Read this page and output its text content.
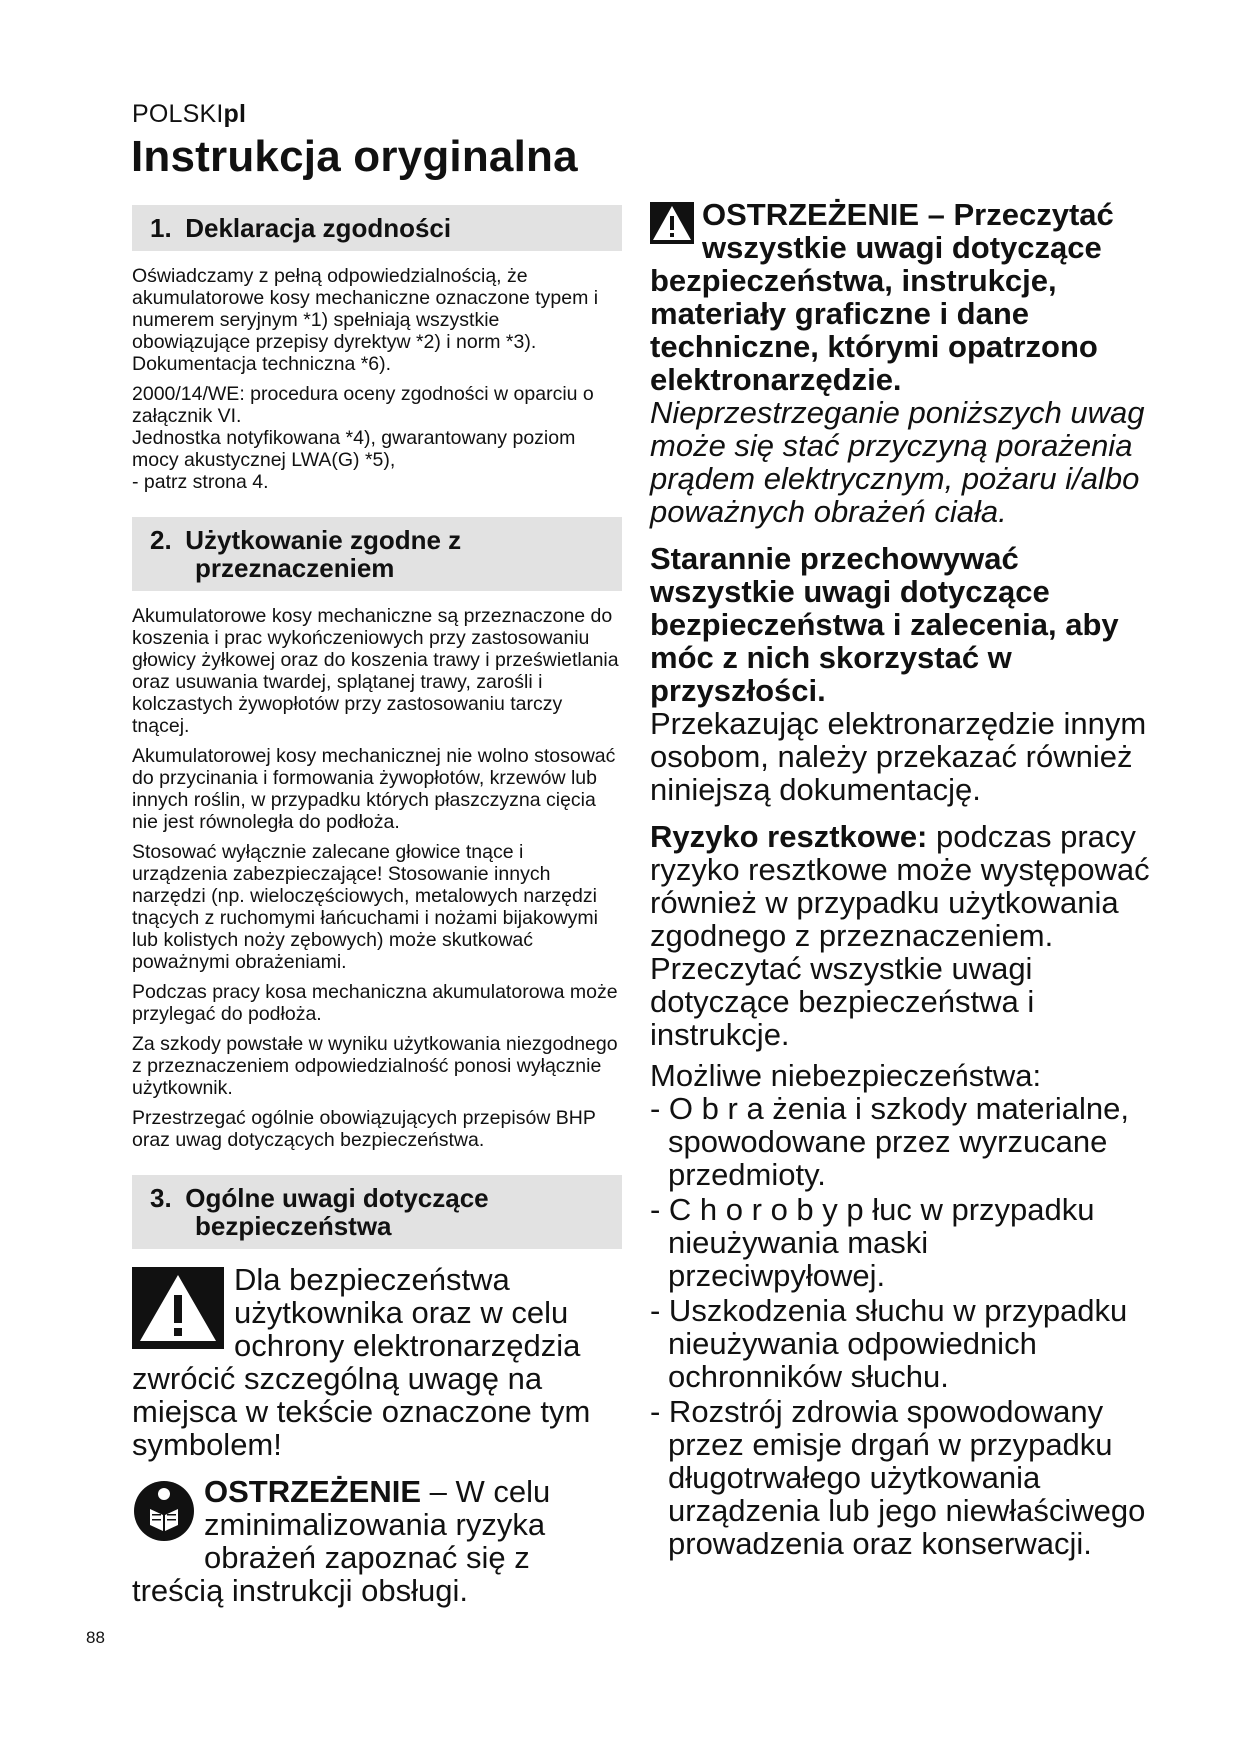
POLSKIpl
Instrukcja oryginalna
1. Deklaracja zgodności

Oświadczamy z pełną odpowiedzialnością, że akumulatorowe kosy mechaniczne oznaczone typem i numerem seryjnym *1) spełniają wszystkie obowiązujące przepisy dyrektyw *2) i norm *3). Dokumentacja techniczna *6).

2000/14/WE: procedura oceny zgodności w oparciu o załącznik VI.

Jednostka notyfikowana *4), gwarantowany poziom mocy akustycznej LWA(G) *5),

- patrz strona 4.

2. Użytkowanie zgodne z
przeznaczeniem

Akumulatorowe kosy mechaniczne są przeznaczone do koszenia i prac wykończeniowych przy zastosowaniu głowicy żyłkowej oraz do koszenia trawy i prześwietlania oraz usuwania twardej, splątanej trawy, zarośli i kolczastych żywopłotów przy zastosowaniu tarczy tnącej.

Akumulatorowej kosy mechanicznej nie wolno stosować do przycinania i formowania żywopłotów, krzewów lub innych roślin, w przypadku których płaszczyzna cięcia nie jest równoległa do podłoża.

Stosować wyłącznie zalecane głowice tnące i urządzenia zabezpieczające! Stosowanie innych narzędzi (np. wieloczęściowych, metalowych narzędzi tnących z ruchomymi łańcuchami i nożami bijakowymi lub kolistych noży zębowych) może skutkować poważnymi obrażeniami.

Podczas pracy kosa mechaniczna akumulatorowa może przylegać do podłoża.

Za szkody powstałe w wyniku użytkowania niezgodnego z przeznaczeniem odpowiedzialność ponosi wyłącznie użytkownik.

Przestrzegać ogólnie obowiązujących przepisów BHP oraz uwag dotyczących bezpieczeństwa.

3. Ogólne uwagi dotyczące
bezpieczeństwa

Dla bezpieczeństwa użytkownika oraz w celu ochrony elektronarzędzia zwrócić szczególną uwagę na miejsca w tekście oznaczone tym symbolem!

OSTRZEŻENIE – W celu zminimalizowania ryzyka obrażeń zapoznać się z treścią instrukcji obsługi.

OSTRZEŻENIE – Przeczytać wszystkie uwagi dotyczące bezpieczeństwa, instrukcje, materiały graficzne i dane techniczne, którymi opatrzono elektronarzędzie.

Nieprzestrzeganie poniższych uwag może się stać przyczyną porażenia prądem elektrycznym, pożaru i/albo poważnych obrażeń ciała.

Starannie przechowywać wszystkie uwagi dotyczące bezpieczeństwa i zalecenia, aby móc z nich skorzystać w przyszłości.

Przekazując elektronarzędzie innym osobom, należy przekazać również niniejszą dokumentację.

Ryzyko resztkowe: podczas pracy ryzyko resztkowe może występować również w przypadku użytkowania zgodnego z przeznaczeniem. Przeczytać wszystkie uwagi dotyczące bezpieczeństwa i instrukcje.

Możliwe niebezpieczeństwa:

- O b r a żenia i szkody materialne, spowodowane przez wyrzucane przedmioty.
- C h o r o b y p łuc w przypadku nieużywania maski przeciwpyłowej.
- Uszkodzenia słuchu w przypadku nieużywania odpowiednich ochronników słuchu.
- Rozstrój zdrowia spowodowany przez emisje drgań w przypadku długotrwałego użytkowania urządzenia lub jego niewłaściwego prowadzenia oraz konserwacji.
88
